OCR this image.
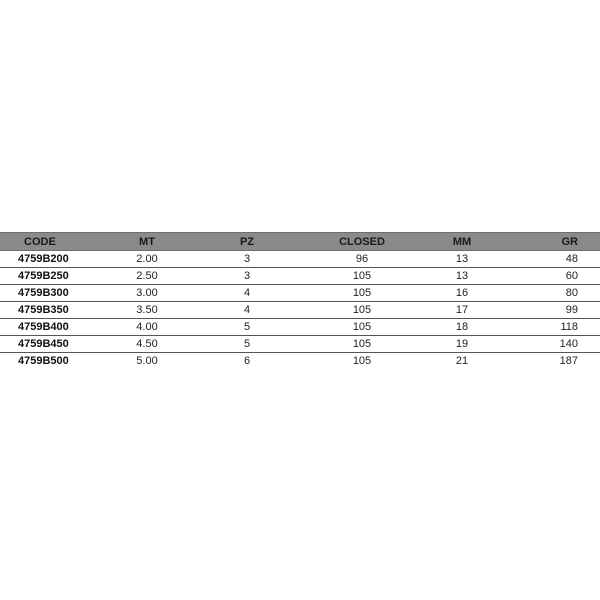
CODE	MT	PZ	CLOSED	MM	GR
4759B200	2.00	3	96	13	48
4759B250	2.50	3	105	13	60
4759B300	3.00	4	105	16	80
4759B350	3.50	4	105	17	99
4759B400	4.00	5	105	18	118
4759B450	4.50	5	105	19	140
4759B500	5.00	6	105	21	187
